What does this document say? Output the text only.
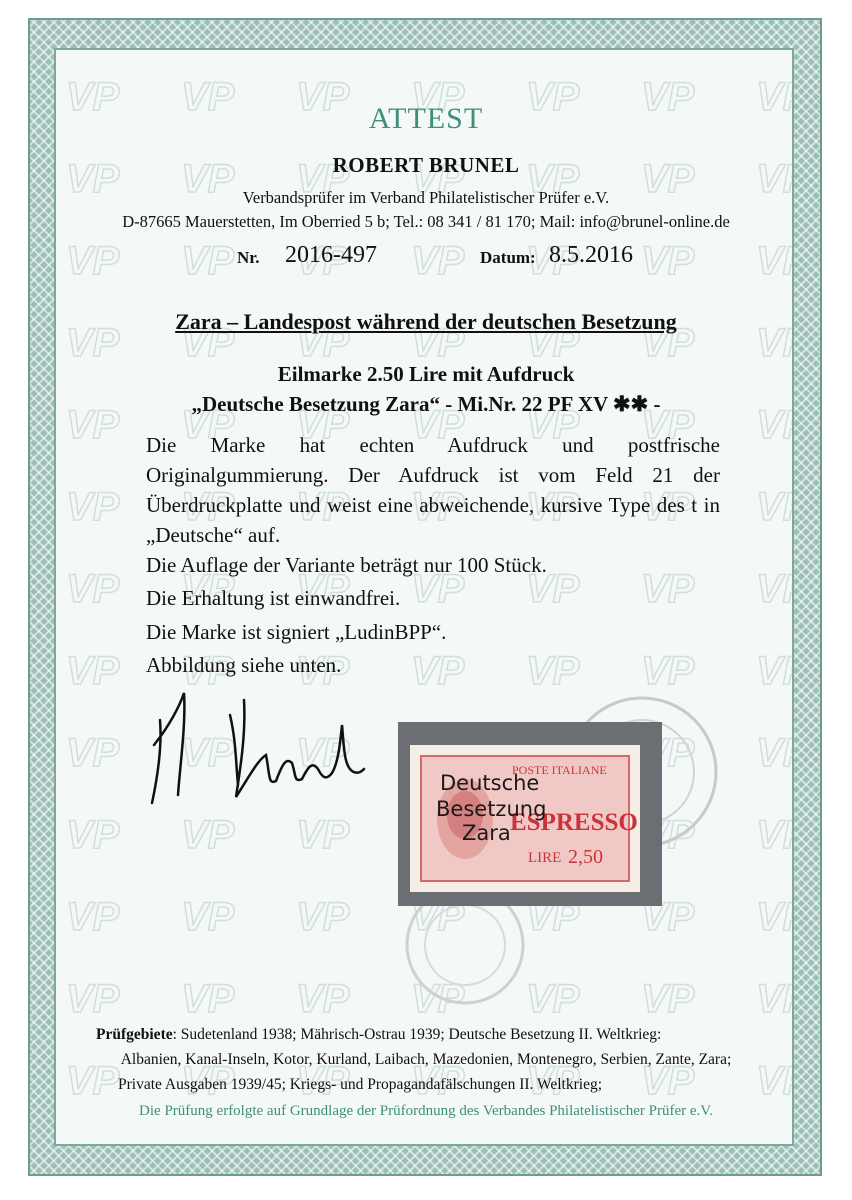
ATTEST
ROBERT BRUNEL
Verbandsprüfer im Verband Philatelistischer Prüfer e.V.
D-87665 Mauerstetten, Im Oberried 5 b; Tel.: 08 341 / 81 170; Mail: info@brunel-online.de
Nr. 2016-497	Datum: 8.5.2016
Zara – Landespost während der deutschen Besetzung
Eilmarke 2.50 Lire mit Aufdruck
„Deutsche Besetzung Zara“ - Mi.Nr. 22 PF XV ✱✱ -
Die Marke hat echten Aufdruck und postfrische Originalgummierung. Der Aufdruck ist vom Feld 21 der Überdruckplatte und weist eine abweichende, kursive Type des t in „Deutsche“ auf.
Die Auflage der Variante beträgt nur 100 Stück.
Die Erhaltung ist einwandfrei.
Die Marke ist signiert „LudinBPP“.
Abbildung siehe unten.
POSTE ITALIANE
ESPRESSO
LIRE 2,50
Deutsche
Besetzung
Zara
Prüfgebiete: Sudetenland 1938; Mährisch-Ostrau 1939; Deutsche Besetzung II. Weltkrieg:
Albanien, Kanal-Inseln, Kotor, Kurland, Laibach, Mazedonien, Montenegro, Serbien, Zante, Zara;
Private Ausgaben 1939/45; Kriegs- und Propagandafälschungen II. Weltkrieg;
Die Prüfung erfolgte auf Grundlage der Prüfordnung des Verbandes Philatelistischer Prüfer e.V.
